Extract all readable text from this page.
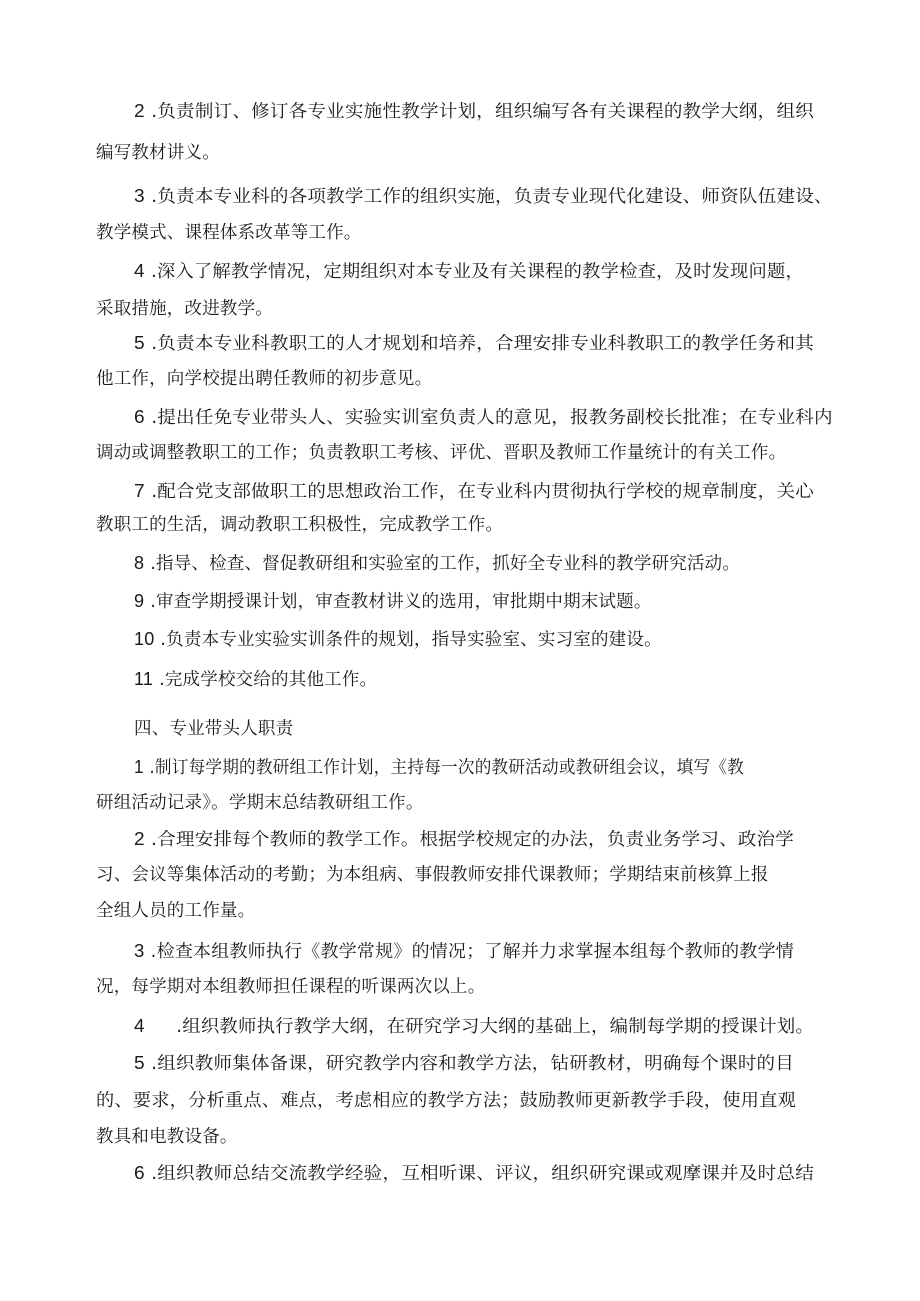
2 .负责制订、修订各专业实施性教学计划，组织编写各有关课程的教学大纲，组织
编写教材讲义。
3 .负责本专业科的各项教学工作的组织实施，负责专业现代化建设、师资队伍建设、
教学模式、课程体系改革等工作。
4 .深入了解教学情况，定期组织对本专业及有关课程的教学检查，及时发现问题，
采取措施，改进教学。
5 .负责本专业科教职工的人才规划和培养，合理安排专业科教职工的教学任务和其
他工作，向学校提出聘任教师的初步意见。
6 .提出任免专业带头人、实验实训室负责人的意见，报教务副校长批准；在专业科内
调动或调整教职工的工作；负责教职工考核、评优、晋职及教师工作量统计的有关工作。
7 .配合党支部做职工的思想政治工作，在专业科内贯彻执行学校的规章制度，关心
教职工的生活，调动教职工积极性，完成教学工作。
8 .指导、检查、督促教研组和实验室的工作，抓好全专业科的教学研究活动。
9 .审查学期授课计划，审查教材讲义的选用，审批期中期末试题。
10 .负责本专业实验实训条件的规划，指导实验室、实习室的建设。
11 .完成学校交给的其他工作。
四、专业带头人职责
1 .制订每学期的教研组工作计划，主持每一次的教研活动或教研组会议，填写《教
研组活动记录》。学期末总结教研组工作。
2 .合理安排每个教师的教学工作。根据学校规定的办法，负责业务学习、政治学
习、会议等集体活动的考勤；为本组病、事假教师安排代课教师；学期结束前核算上报
全组人员的工作量。
3 .检查本组教师执行《教学常规》的情况；了解并力求掌握本组每个教师的教学情
况，每学期对本组教师担任课程的听课两次以上。
4 .组织教师执行教学大纲，在研究学习大纲的基础上，编制每学期的授课计划。
5 .组织教师集体备课，研究教学内容和教学方法，钻研教材，明确每个课时的目
的、要求，分析重点、难点，考虑相应的教学方法；鼓励教师更新教学手段，使用直观
教具和电教设备。
6 .组织教师总结交流教学经验，互相听课、评议，组织研究课或观摩课并及时总结
